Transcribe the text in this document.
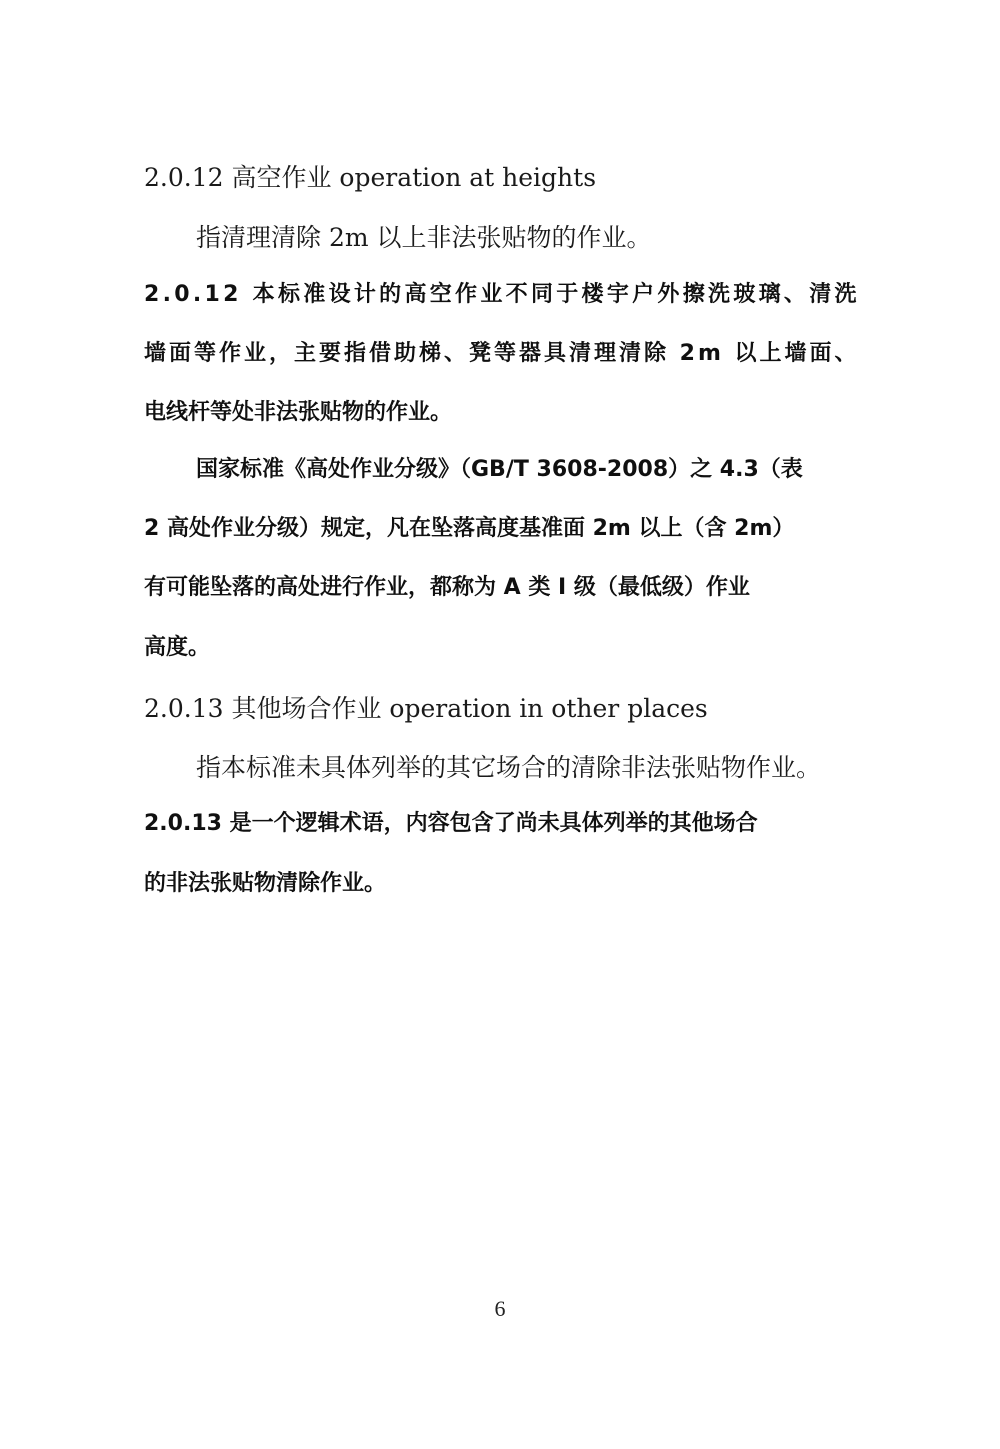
2.0.12 高空作业 operation at heights
指清理清除 2m 以上非法张贴物的作业。
2.0.12 本标准设计的高空作业不同于楼宇户外擦洗玻璃、清洗
墙面等作业，主要指借助梯、凳等器具清理清除 2m 以上墙面、
电线杆等处非法张贴物的作业。
国家标准《高处作业分级》（GB/T 3608-2008）之 4.3（表
2 高处作业分级）规定，凡在坠落高度基准面 2m 以上（含 2m）
有可能坠落的高处进行作业，都称为 A 类 I 级（最低级）作业
高度。
2.0.13 其他场合作业 operation in other places
指本标准未具体列举的其它场合的清除非法张贴物作业。
2.0.13 是一个逻辑术语，内容包含了尚未具体列举的其他场合
的非法张贴物清除作业。
6
